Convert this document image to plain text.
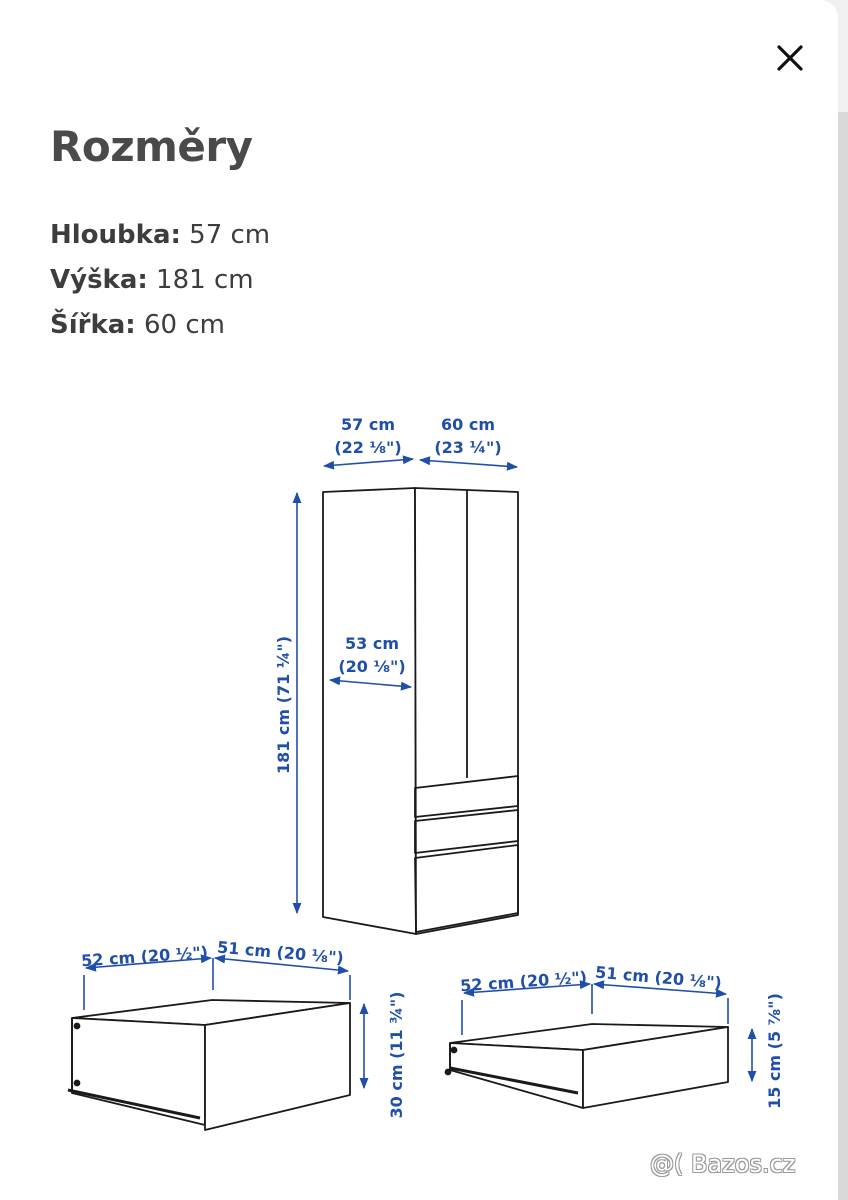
Rozměry
Hloubka: 57 cm
Výška: 181 cm
Šířka: 60 cm
57 cm
(22 ⅛")
60 cm
(23 ¼")
53 cm
(20 ⅛")
181 cm (71 ¼")
52 cm (20 ½") 51 cm (20 ⅛")
30 cm (11 ¾")
52 cm (20 ½") 51 cm (20 ⅛")
15 cm (5 ⅞")
@( Bazos.cz
